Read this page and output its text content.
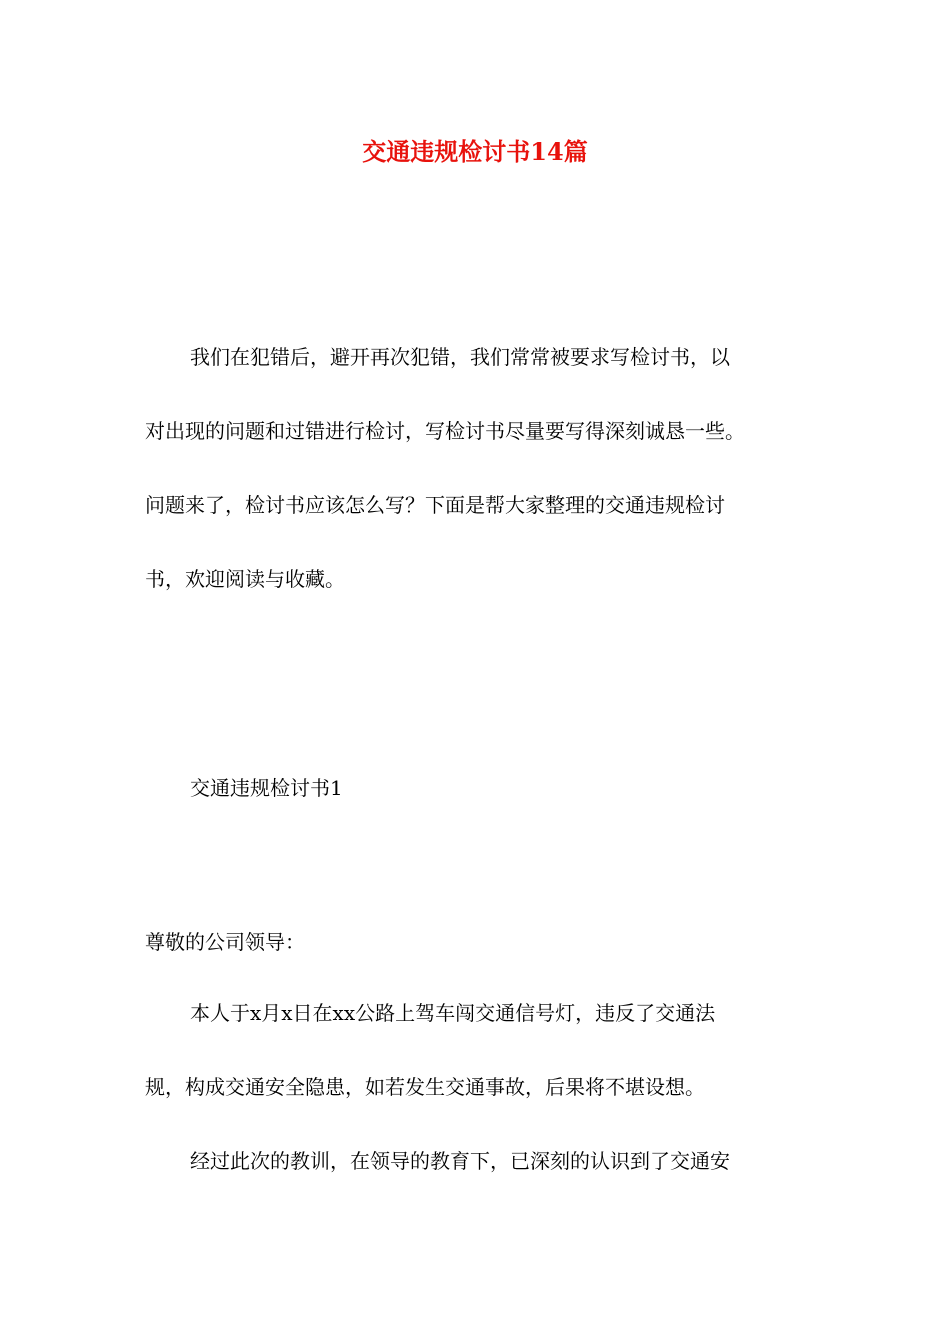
交通违规检讨书14篇
我们在犯错后，避开再次犯错，我们常常被要求写检讨书，以
对出现的问题和过错进行检讨，写检讨书尽量要写得深刻诚恳一些。
问题来了，检讨书应该怎么写？下面是帮大家整理的交通违规检讨
书，欢迎阅读与收藏。
交通违规检讨书1

尊敬的公司领导：

本人于x月x日在xx公路上驾车闯交通信号灯，违反了交通法
规，构成交通安全隐患，如若发生交通事故，后果将不堪设想。
经过此次的教训，在领导的教育下，已深刻的认识到了交通安
